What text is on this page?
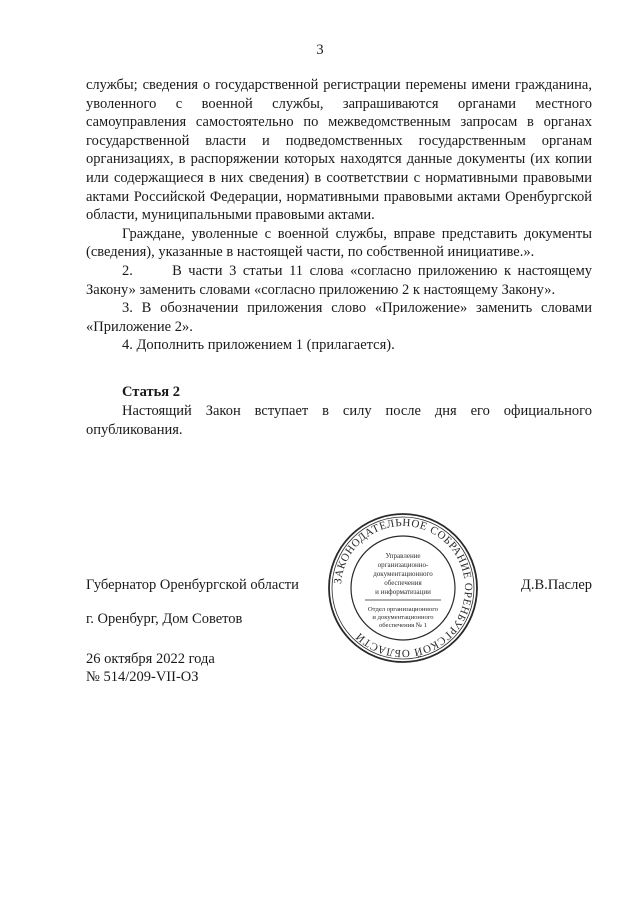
3

службы; сведения о государственной регистрации перемены имени гражданина, уволенного с военной службы, запрашиваются органами местного самоуправления самостоятельно по межведомственным запросам в органах государственной власти и подведомственных государственным органам организациях, в распоряжении которых находятся данные документы (их копии или содержащиеся в них сведения) в соответствии с нормативными правовыми актами Российской Федерации, нормативными правовыми актами Оренбургской области, муниципальными правовыми актами.

Граждане, уволенные с военной службы, вправе представить документы (сведения), указанные в настоящей части, по собственной инициативе.».

2.      В части 3 статьи 11 слова «согласно приложению к настоящему Закону» заменить словами «согласно приложению 2 к настоящему Закону».

3. В обозначении приложения слово «Приложение» заменить словами «Приложение 2».

4. Дополнить приложением 1 (прилагается).

Статья 2

Настоящий Закон вступает в силу после дня его официального опубликования.

Губернатор Оренбургской области	Д.В.Паслер
г. Оренбург, Дом Советов
26 октября 2022 года
№ 514/209-VII-ОЗ
ЗАКОНОДАТЕЛЬНОЕ СОБРАНИЕ ОРЕНБУРГСКОЙ ОБЛАСТИ
Управление
организационно-
документационного
обеспечения
и информатизации
Отдел организационного
и документационного
обеспечения № 1
